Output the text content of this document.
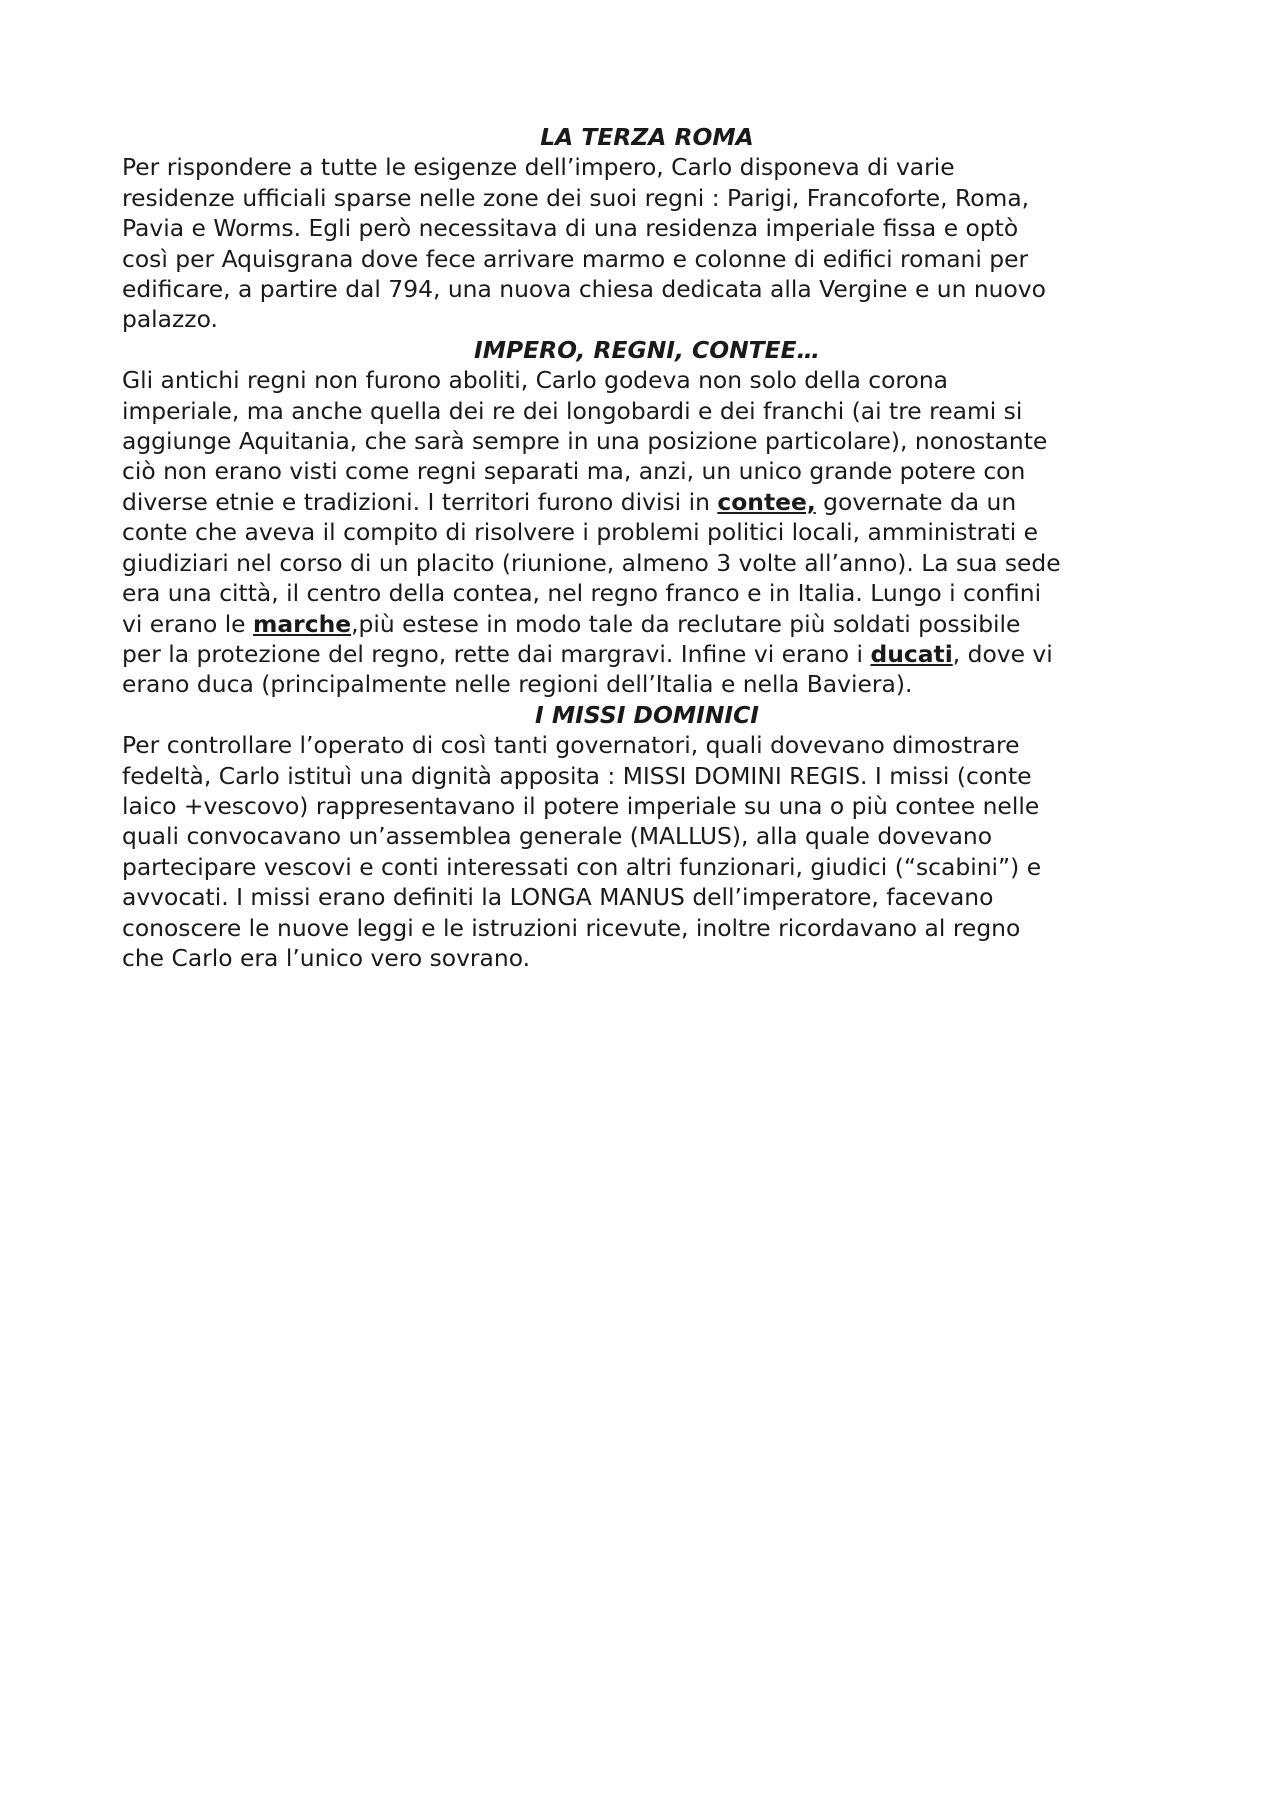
LA TERZA ROMA

Per rispondere a tutte le esigenze dell’impero, Carlo disponeva di varie
residenze ufficiali sparse nelle zone dei suoi regni : Parigi, Francoforte, Roma,
Pavia e Worms. Egli però necessitava di una residenza imperiale fissa e optò
così per Aquisgrana dove fece arrivare marmo e colonne di edifici romani per
edificare, a partire dal 794, una nuova chiesa dedicata alla Vergine e un nuovo
palazzo.

IMPERO, REGNI, CONTEE…

Gli antichi regni non furono aboliti, Carlo godeva non solo della corona
imperiale, ma anche quella dei re dei longobardi e dei franchi (ai tre reami si
aggiunge Aquitania, che sarà sempre in una posizione particolare), nonostante
ciò non erano visti come regni separati ma, anzi, un unico grande potere con
diverse etnie e tradizioni. I territori furono divisi in contee, governate da un
conte che aveva il compito di risolvere i problemi politici locali, amministrati e
giudiziari nel corso di un placito (riunione, almeno 3 volte all’anno). La sua sede
era una città, il centro della contea, nel regno franco e in Italia. Lungo i confini
vi erano le marche,più estese in modo tale da reclutare più soldati possibile
per la protezione del regno, rette dai margravi. Infine vi erano i ducati, dove vi
erano duca (principalmente nelle regioni dell’Italia e nella Baviera).

I MISSI DOMINICI

Per controllare l’operato di così tanti governatori, quali dovevano dimostrare
fedeltà, Carlo istituì una dignità apposita : MISSI DOMINI REGIS. I missi (conte
laico +vescovo) rappresentavano il potere imperiale su una o più contee nelle
quali convocavano un’assemblea generale (MALLUS), alla quale dovevano
partecipare vescovi e conti interessati con altri funzionari, giudici (“scabini”) e
avvocati. I missi erano definiti la LONGA MANUS dell’imperatore, facevano
conoscere le nuove leggi e le istruzioni ricevute, inoltre ricordavano al regno
che Carlo era l’unico vero sovrano.
